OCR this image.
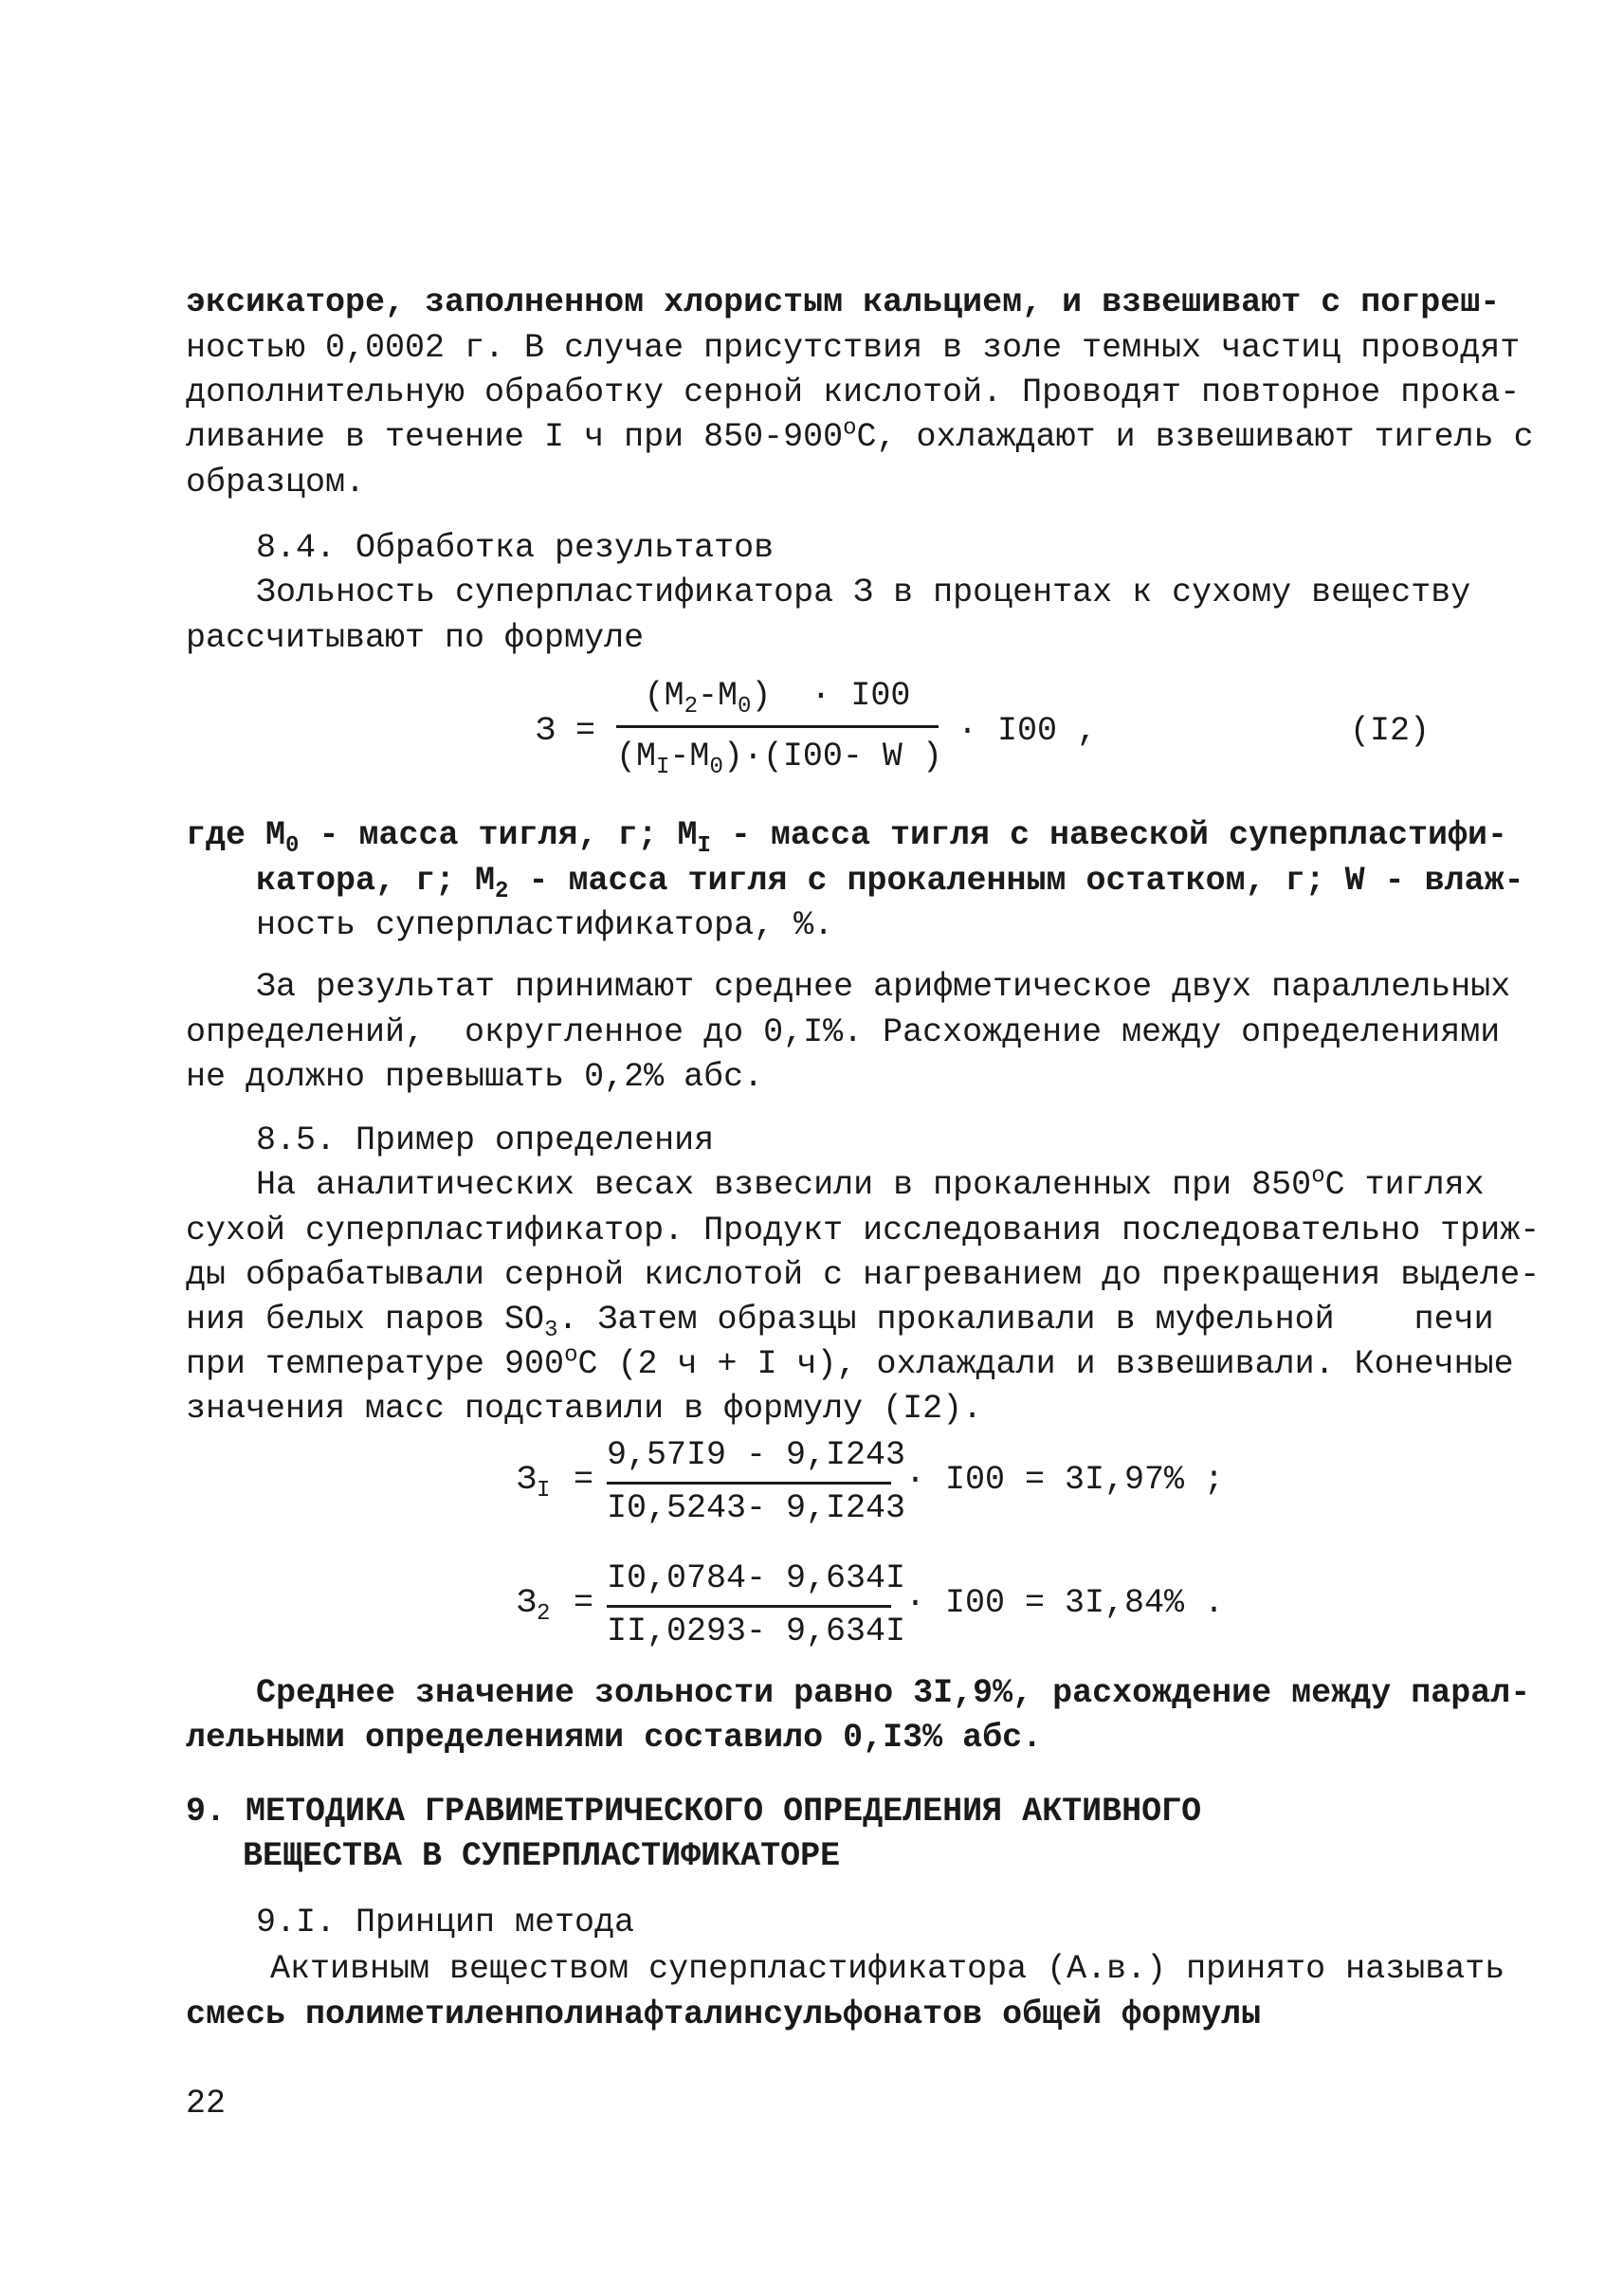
эксикаторе, заполненном хлористым кальцием, и взвешивают с погреш-
ностью 0,0002 г. В случае присутствия в золе темных частиц проводят
дополнительную обработку серной кислотой. Проводят повторное прока-
ливание в течение I ч при $850-900^оС$, охлаждают и взвешивают тигель с
образцом.
8.4. Обработка результатов
Зольность суперпластификатора З в процентах к сухому веществу
рассчитывают по формуле
З =
$(М_2-М_0) \cdot I00$
$(М_I-М_0)\cdot(I00-$ W )
· I00 ,	(I2)
где $М_0$ - масса тигля, г; $М_I$ - масса тигля с навеской суперпластифи-
катора, г; $М_2$ - масса тигля с прокаленным остатком, г; W - влаж-
ность суперпластификатора, %.
За результат принимают среднее арифметическое двух параллельных
определений,  округленное до 0,I%. Расхождение между определениями
не должно превышать 0,2% абс.
8.5. Пример определения
На аналитических весах взвесили в прокаленных при $850^оС$ тиглях
сухой суперпластификатор. Продукт исследования последовательно триж-
ды обрабатывали серной кислотой с нагреванием до прекращения выделе-
ния белых паров $SO_3$. Затем образцы прокаливали в муфельной    печи
при температуре $900^оС$ (2 ч + I ч), охлаждали и взвешивали. Конечные
значения масс подставили в формулу (I2).
$З_I$ =
9,57I9 - 9,I243
I0,5243- 9,I243
· I00 = 3I,97% ;
$З_2$ =
I0,0784- 9,634I
II,0293- 9,634I
· I00 = 3I,84% .
Среднее значение зольности равно 3I,9%, расхождение между парал-
лельными определениями составило 0,I3% абс.
9. МЕТОДИКА ГРАВИМЕТРИЧЕСКОГО ОПРЕДЕЛЕНИЯ АКТИВНОГО
ВЕЩЕСТВА В СУПЕРПЛАСТИФИКАТОРЕ
9.I. Принцип метода
Активным веществом суперпластификатора (А.в.) принято называть
смесь полиметиленполинафталинсульфонатов общей формулы
22
